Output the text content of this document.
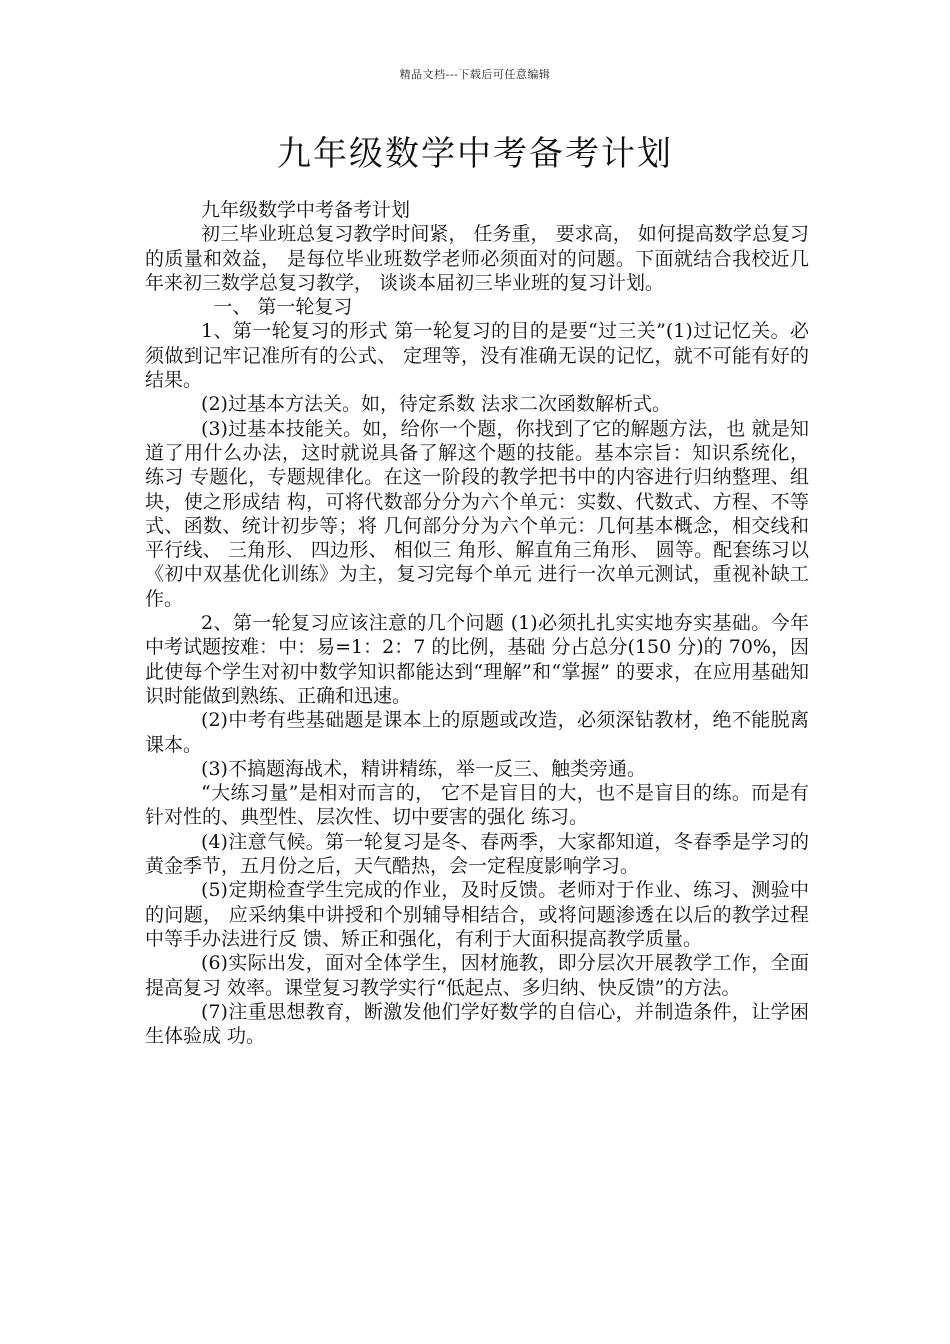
精品文档---下载后可任意编辑
九年级数学中考备考计划

九年级数学中考备考计划

初三毕业班总复习教学时间紧， 任务重， 要求高， 如何提高数学总复习的质量和效益， 是每位毕业班数学老师必须面对的问题。下面就结合我校近几年来初三数学总复习教学， 谈谈本届初三毕业班的复习计划。

一、 第一轮复习

1、第一轮复习的形式 第一轮复习的目的是要“过三关”(1)过记忆关。必须做到记牢记准所有的公式、 定理等，没有准确无误的记忆，就不可能有好的结果。

(2)过基本方法关。如，待定系数 法求二次函数解析式。

(3)过基本技能关。如，给你一个题，你找到了它的解题方法，也 就是知道了用什么办法，这时就说具备了解这个题的技能。基本宗旨：知识系统化，练习 专题化，专题规律化。在这一阶段的教学把书中的内容进行归纳整理、组块，使之形成结 构，可将代数部分分为六个单元：实数、代数式、方程、不等式、函数、统计初步等；将 几何部分分为六个单元：几何基本概念，相交线和平行线、 三角形、 四边形、 相似三 角形、解直角三角形、 圆等。配套练习以《初中双基优化训练》为主，复习完每个单元 进行一次单元测试，重视补缺工作。

2、第一轮复习应该注意的几个问题 (1)必须扎扎实实地夯实基础。今年中考试题按难：中：易=1：2：7 的比例，基础 分占总分(150 分)的 70%，因此使每个学生对初中数学知识都能达到“理解”和“掌握” 的要求，在应用基础知识时能做到熟练、正确和迅速。

(2)中考有些基础题是课本上的原题或改造，必须深钻教材，绝不能脱离课本。

(3)不搞题海战术，精讲精练，举一反三、触类旁通。

“大练习量”是相对而言的， 它不是盲目的大，也不是盲目的练。而是有针对性的、典型性、层次性、切中要害的强化 练习。

(4)注意气候。第一轮复习是冬、春两季，大家都知道，冬春季是学习的黄金季节，五月份之后，天气酷热，会一定程度影响学习。

(5)定期检查学生完成的作业，及时反馈。老师对于作业、练习、测验中的问题， 应采纳集中讲授和个别辅导相结合，或将问题渗透在以后的教学过程中等手办法进行反 馈、矫正和强化，有利于大面积提高教学质量。

(6)实际出发，面对全体学生，因材施教，即分层次开展教学工作，全面提高复习 效率。课堂复习教学实行“低起点、多归纳、快反馈”的方法。

(7)注重思想教育，断激发他们学好数学的自信心，并制造条件，让学困生体验成 功。
